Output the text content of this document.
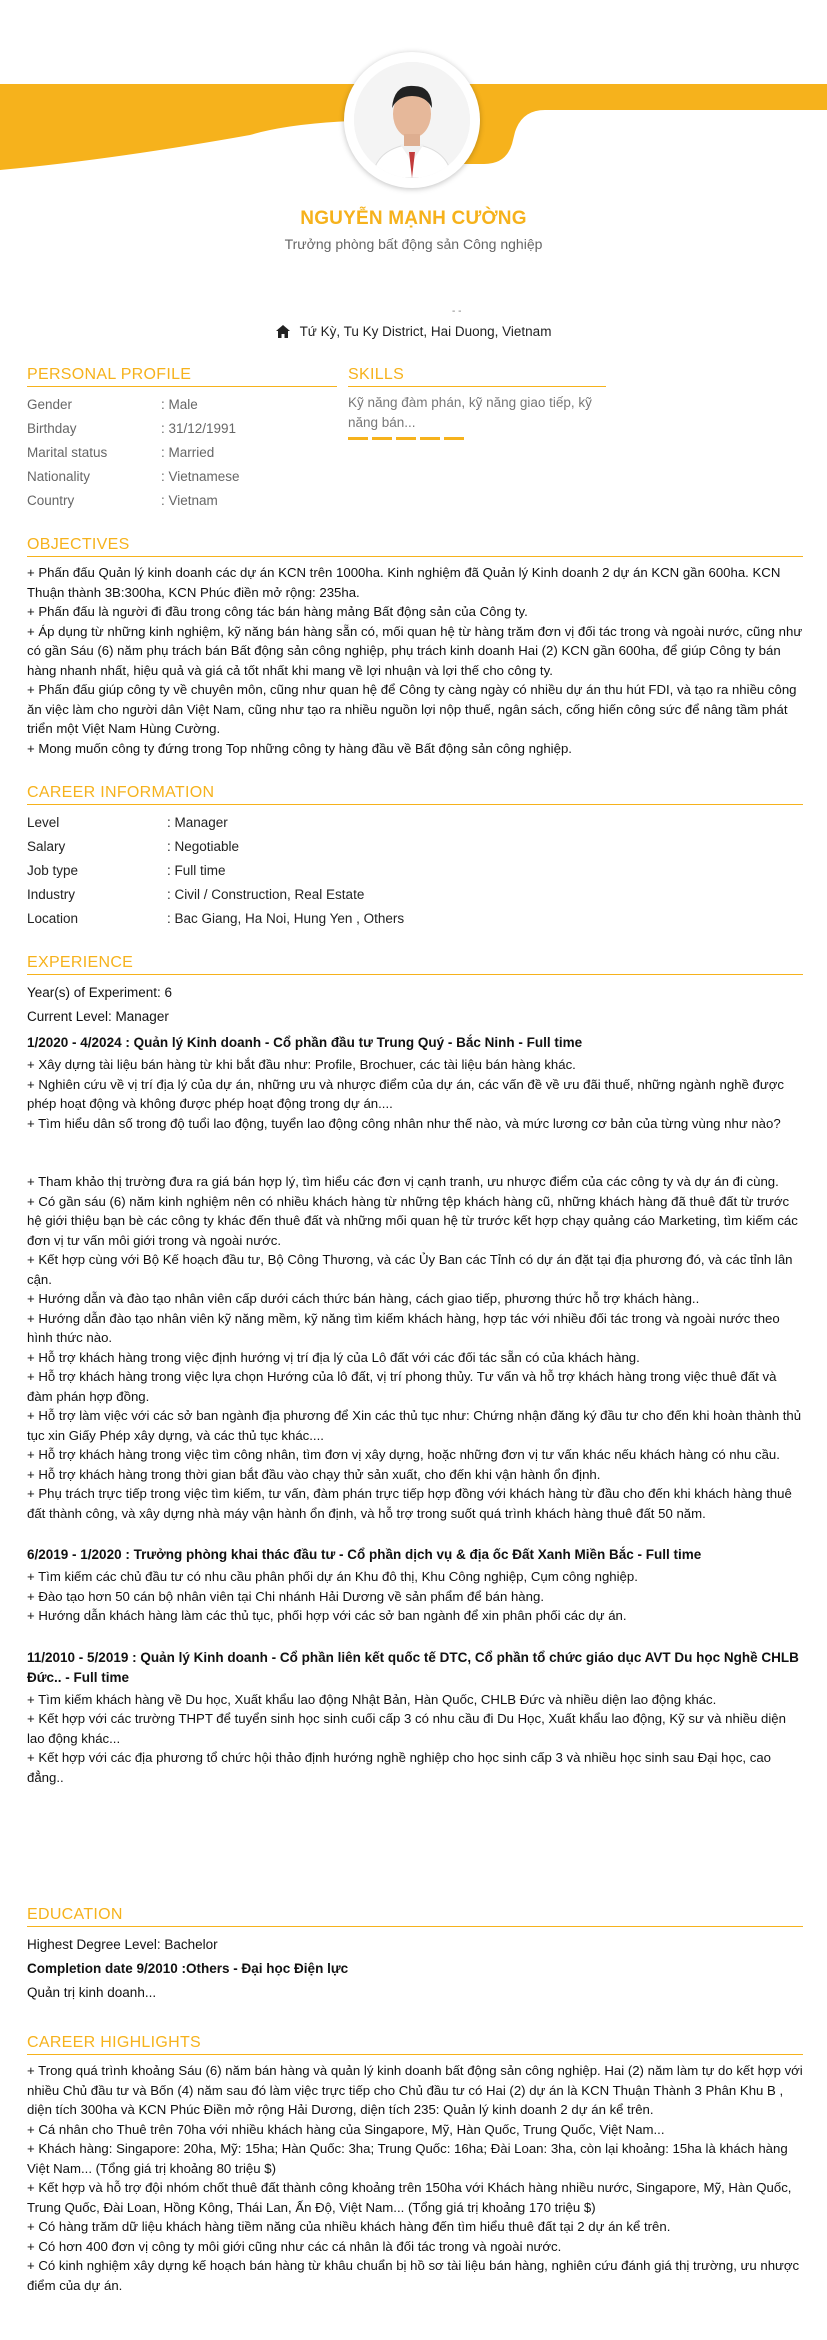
NGUYỄN MẠNH CƯỜNG
Trưởng phòng bất động sản Công nghiệp
- -
Tứ Kỳ, Tu Ky District, Hai Duong, Vietnam
PERSONAL PROFILE
Gender	: Male
Birthday	: 31/12/1991
Marital status	: Married
Nationality	: Vietnamese
Country	: Vietnam
SKILLS
Kỹ năng đàm phán, kỹ năng giao tiếp, kỹ năng bán...
OBJECTIVES
+ Phấn đấu Quản lý kinh doanh các dự án KCN trên 1000ha. Kinh nghiệm đã Quản lý Kinh doanh 2 dự án KCN gần 600ha. KCN Thuận thành 3B:300ha, KCN Phúc điền mở rộng: 235ha.
+ Phấn đấu là người đi đầu trong công tác bán hàng mảng Bất động sản của Công ty.
+ Áp dụng từ những kinh nghiệm, kỹ năng bán hàng sẵn có, mối quan hệ từ hàng trăm đơn vị đối tác trong và ngoài nước, cũng như có gần Sáu (6) năm phụ trách bán Bất động sản công nghiệp, phụ trách kinh doanh Hai (2) KCN gần 600ha, để giúp Công ty bán hàng nhanh nhất, hiệu quả và giá cả tốt nhất khi mang về lợi nhuận và lợi thế cho công ty.
+ Phấn đấu giúp công ty về chuyên môn, cũng như quan hệ để Công ty càng ngày có nhiều dự án thu hút FDI, và tạo ra nhiều công ăn việc làm cho người dân Việt Nam, cũng như tạo ra nhiều nguồn lợi nộp thuế, ngân sách, cống hiến công sức để nâng tầm phát triển một Việt Nam Hùng Cường.
+ Mong muốn công ty đứng trong Top những công ty hàng đầu về Bất động sản công nghiệp.
CAREER INFORMATION
Level	: Manager
Salary	: Negotiable
Job type	: Full time
Industry	: Civil / Construction, Real Estate
Location	: Bac Giang, Ha Noi, Hung Yen , Others
EXPERIENCE
Year(s) of Experiment: 6
Current Level: Manager
1/2020 - 4/2024 : Quản lý Kinh doanh - Cổ phần đầu tư Trung Quý - Bắc Ninh - Full time
+ Xây dựng tài liệu bán hàng từ khi bắt đầu như: Profile, Brochuer, các tài liệu bán hàng khác.
+ Nghiên cứu về vị trí địa lý của dự án, những ưu và nhược điểm của dự án, các vấn đề về ưu đãi thuế, những ngành nghề được phép hoạt động và không được phép hoạt động trong dự án....
+ Tìm hiểu dân số trong độ tuổi lao động, tuyển lao động công nhân như thế nào, và mức lương cơ bản của từng vùng như nào?

+ Tham khảo thị trường đưa ra giá bán hợp lý, tìm hiểu các đơn vị cạnh tranh, ưu nhược điểm của các công ty và dự án đi cùng.
+ Có gần sáu (6) năm kinh nghiệm nên có nhiều khách hàng từ những tệp khách hàng cũ, những khách hàng đã thuê đất từ trước hệ giới thiệu bạn bè các công ty khác đến thuê đất và những mối quan hệ từ trước kết hợp chạy quảng cáo Marketing, tìm kiếm các đơn vị tư vấn môi giới trong và ngoài nước.
+ Kết hợp cùng với Bộ Kế hoạch đầu tư, Bộ Công Thương, và các Ủy Ban các Tỉnh có dự án đặt tại địa phương đó, và các tỉnh lân cận.
+ Hướng dẫn và đào tạo nhân viên cấp dưới cách thức bán hàng, cách giao tiếp, phương thức hỗ trợ khách hàng..
+ Hướng dẫn đào tạo nhân viên kỹ năng mềm, kỹ năng tìm kiếm khách hàng, hợp tác với nhiều đối tác trong và ngoài nước theo hình thức nào.
+ Hỗ trợ khách hàng trong việc định hướng vị trí địa lý của Lô đất với các đối tác sẵn có của khách hàng.
+ Hỗ trợ khách hàng trong việc lựa chọn Hướng của lô đất, vị trí phong thủy. Tư vấn và hỗ trợ khách hàng trong việc thuê đất và đàm phán hợp đồng.
+ Hỗ trợ làm việc với các sở ban ngành địa phương để Xin các thủ tục như: Chứng nhận đăng ký đầu tư cho đến khi hoàn thành thủ tục xin Giấy Phép xây dựng, và các thủ tục khác....
+ Hỗ trợ khách hàng trong việc tìm công nhân, tìm đơn vị xây dựng, hoặc những đơn vị tư vấn khác nếu khách hàng có nhu cầu.
+ Hỗ trợ khách hàng trong thời gian bắt đầu vào chạy thử sản xuất, cho đến khi vận hành ổn định.
+ Phụ trách trực tiếp trong việc tìm kiếm, tư vấn, đàm phán trực tiếp hợp đồng với khách hàng từ đầu cho đến khi khách hàng thuê đất thành công, và xây dựng nhà máy vận hành ổn định, và hỗ trợ trong suốt quá trình khách hàng thuê đất 50 năm.
6/2019 - 1/2020 : Trưởng phòng khai thác đầu tư - Cổ phần dịch vụ & địa ốc Đất Xanh Miền Bắc - Full time
+ Tìm kiếm các chủ đầu tư có nhu cầu phân phối dự án Khu đô thị, Khu Công nghiệp, Cụm công nghiệp.
+ Đào tạo hơn 50 cán bộ nhân viên tại Chi nhánh Hải Dương về sản phẩm để bán hàng.
+ Hướng dẫn khách hàng làm các thủ tục, phối hợp với các sở ban ngành để xin phân phối các dự án.
11/2010 - 5/2019 : Quản lý Kinh doanh - Cổ phần liên kết quốc tế DTC, Cổ phần tổ chức giáo dục AVT Du học Nghề CHLB Đức.. - Full time
+ Tìm kiếm khách hàng về Du học, Xuất khẩu lao động Nhật Bản, Hàn Quốc, CHLB Đức và nhiều diện lao động khác.
+ Kết hợp với các trường THPT để tuyển sinh học sinh cuối cấp 3 có nhu cầu đi Du Học, Xuất khẩu lao động, Kỹ sư và nhiều diện lao động khác...
+ Kết hợp với các địa phương tổ chức hội thảo định hướng nghề nghiệp cho học sinh cấp 3 và nhiều học sinh sau Đại học, cao đẳng..
EDUCATION
Highest Degree Level: Bachelor
Completion date 9/2010 :Others - Đại học Điện lực
Quản trị kinh doanh...
CAREER HIGHLIGHTS
+ Trong quá trình khoảng Sáu (6) năm bán hàng và quản lý kinh doanh bất động sản công nghiệp. Hai (2) năm làm tự do kết hợp với nhiều Chủ đầu tư và Bốn (4) năm sau đó làm việc trực tiếp cho Chủ đầu tư có Hai (2) dự án là KCN Thuận Thành 3 Phân Khu B , diện tích 300ha và KCN Phúc Điền mở rộng Hải Dương, diện tích 235: Quản lý kinh doanh 2 dự án kể trên.
+ Cá nhân cho Thuê trên 70ha với nhiều khách hàng của Singapore, Mỹ, Hàn Quốc, Trung Quốc, Việt Nam...
+ Khách hàng: Singapore: 20ha, Mỹ: 15ha; Hàn Quốc: 3ha; Trung Quốc: 16ha; Đài Loan: 3ha, còn lại khoảng: 15ha là khách hàng Việt Nam... (Tổng giá trị khoảng 80 triệu $)
+ Kết hợp và hỗ trợ đội nhóm chốt thuê đất thành công khoảng trên 150ha với Khách hàng nhiều nước, Singapore, Mỹ, Hàn Quốc, Trung Quốc, Đài Loan, Hồng Kông, Thái Lan, Ấn Độ, Việt Nam... (Tổng giá trị khoảng 170 triệu $)
+ Có hàng trăm dữ liệu khách hàng tiềm năng của nhiều khách hàng đến tìm hiểu thuê đất tại 2 dự án kể trên.
+ Có hơn 400 đơn vị công ty môi giới cũng như các cá nhân là đối tác trong và ngoài nước.
+ Có kinh nghiệm xây dựng kế hoạch bán hàng từ khâu chuẩn bị hồ sơ tài liệu bán hàng, nghiên cứu đánh giá thị trường, ưu nhược điểm của dự án.
